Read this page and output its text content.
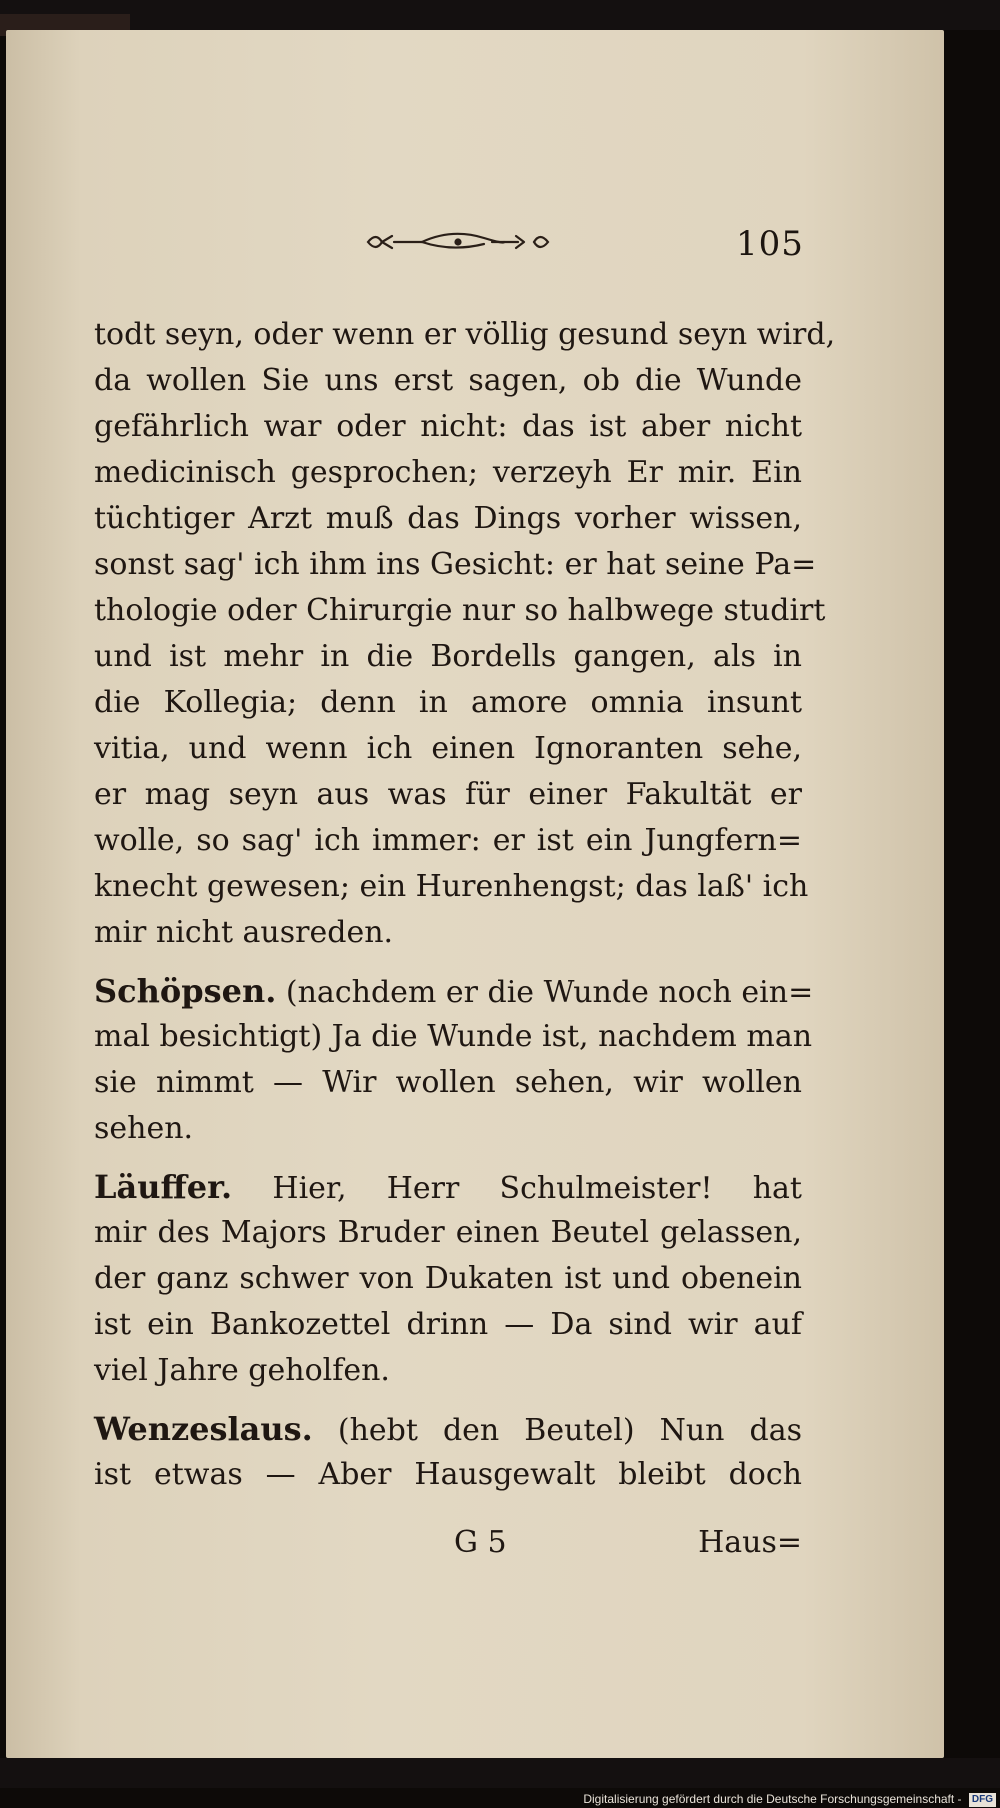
105
todt seyn, oder wenn er völlig gesund seyn wird,
da wollen Sie uns erst sagen, ob die Wunde
gefährlich war oder nicht: das ist aber nicht
medicinisch gesprochen; verzeyh Er mir. Ein
tüchtiger Arzt muß das Dings vorher wissen,
sonst sag' ich ihm ins Gesicht: er hat seine Pa=
thologie oder Chirurgie nur so halbwege studirt
und ist mehr in die Bordells gangen, als in
die Kollegia; denn in amore omnia insunt
vitia, und wenn ich einen Ignoranten sehe,
er mag seyn aus was für einer Fakultät er
wolle, so sag' ich immer: er ist ein Jungfern=
knecht gewesen; ein Hurenhengst; das laß' ich
mir nicht ausreden.
Schöpsen. (nachdem er die Wunde noch ein=
mal besichtigt) Ja die Wunde ist, nachdem man
sie nimmt — Wir wollen sehen, wir wollen
sehen.
Läuffer. Hier, Herr Schulmeister! hat
mir des Majors Bruder einen Beutel gelassen,
der ganz schwer von Dukaten ist und obenein
ist ein Bankozettel drinn — Da sind wir auf
viel Jahre geholfen.
Wenzeslaus. (hebt den Beutel) Nun das
ist etwas — Aber Hausgewalt bleibt doch
G 5	Haus=
Digitalisierung gefördert durch die Deutsche Forschungsgemeinschaft - DFG
